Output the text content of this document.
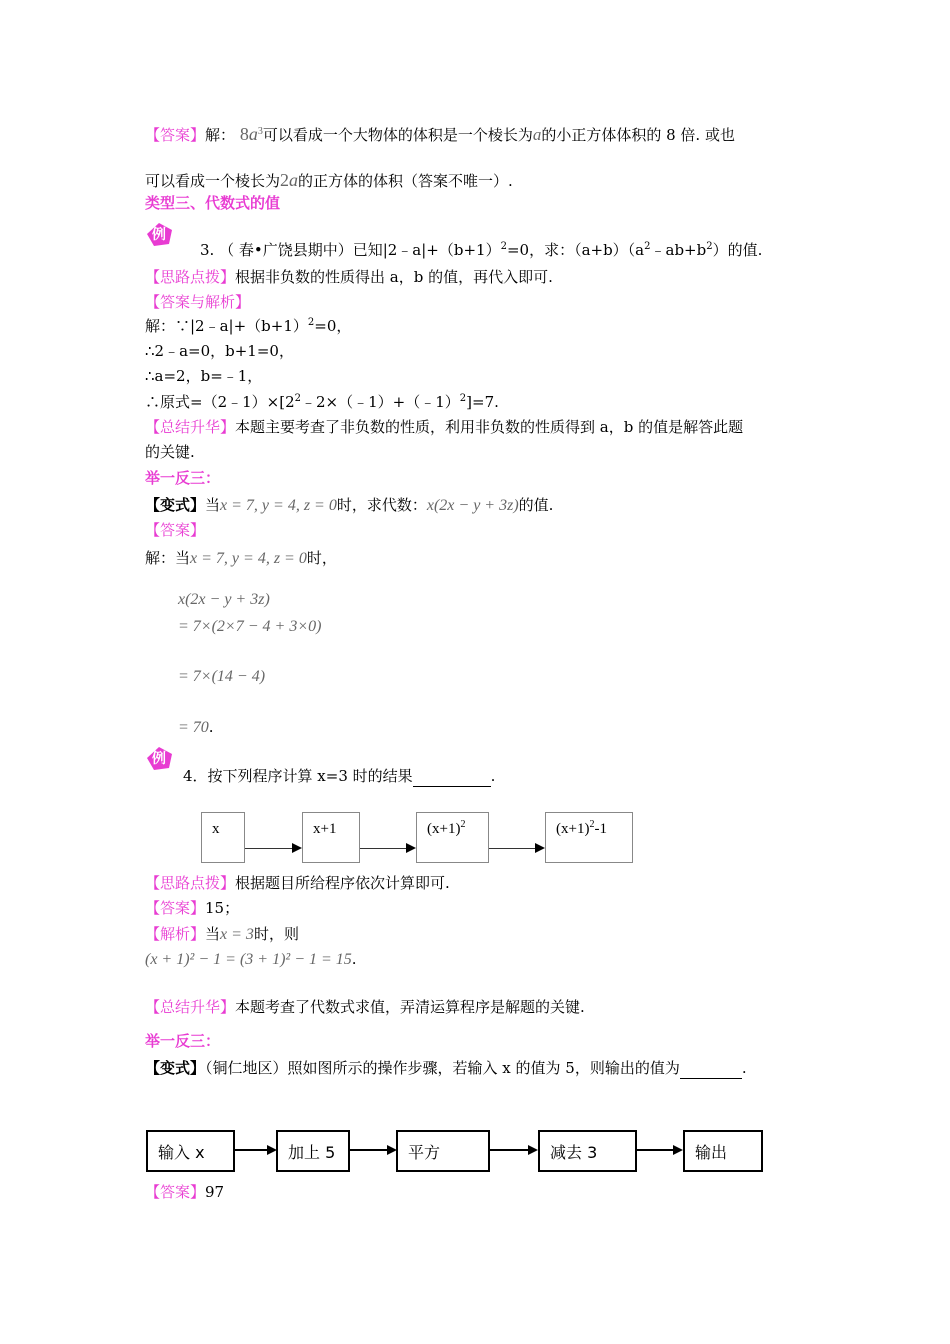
【答案】解： $8a^3$可以看成一个大物体的体积是一个棱长为a的小正方体体积的 8 倍. 或也
可以看成一个棱长为2a的正方体的体积（答案不唯一）.
类型三、代数式的值
例
3. （ 春•广饶县期中）已知$|2﹣a|+(b+1)^2=0$，求：$(a+b)(a^2﹣ab+b^2)$的值.
【思路点拨】根据非负数的性质得出 a，b 的值，再代入即可.
【答案与解析】
解：$\because|2﹣a|+(b+1)^2=0$，
∴2﹣a=0，b+1=0，
∴a=2，b=﹣1，
∴原式$=(2﹣1)\times[2^2﹣2\times(﹣1)+(﹣1)^2]=7$.
【总结升华】本题主要考查了非负数的性质，利用非负数的性质得到 a，b 的值是解答此题
的关键.
举一反三：
【变式】当x = 7, y = 4, z = 0时，求代数：x(2x − y + 3z)的值.
【答案】
解：当x = 7, y = 4, z = 0时，
x(2x − y + 3z)
= 7×(2×7 − 4 + 3×0)
= 7×(14 − 4)
= 70.
例
4．按下列程序计算 x=3 时的结果	.
x	x+1	$(x+1)^2$	$(x+1)^2-1$
【思路点拨】根据题目所给程序依次计算即可.
【答案】15；
【解析】当x = 3时，则
(x + 1)² − 1 = (3 + 1)² − 1 = 15.
【总结升华】本题考查了代数式求值，弄清运算程序是解题的关键.
举一反三：
【变式】（铜仁地区）照如图所示的操作步骤，若输入 x 的值为 5，则输出的值为	.
输入 x	加上 5	平方	减去 3	输出
【答案】97
